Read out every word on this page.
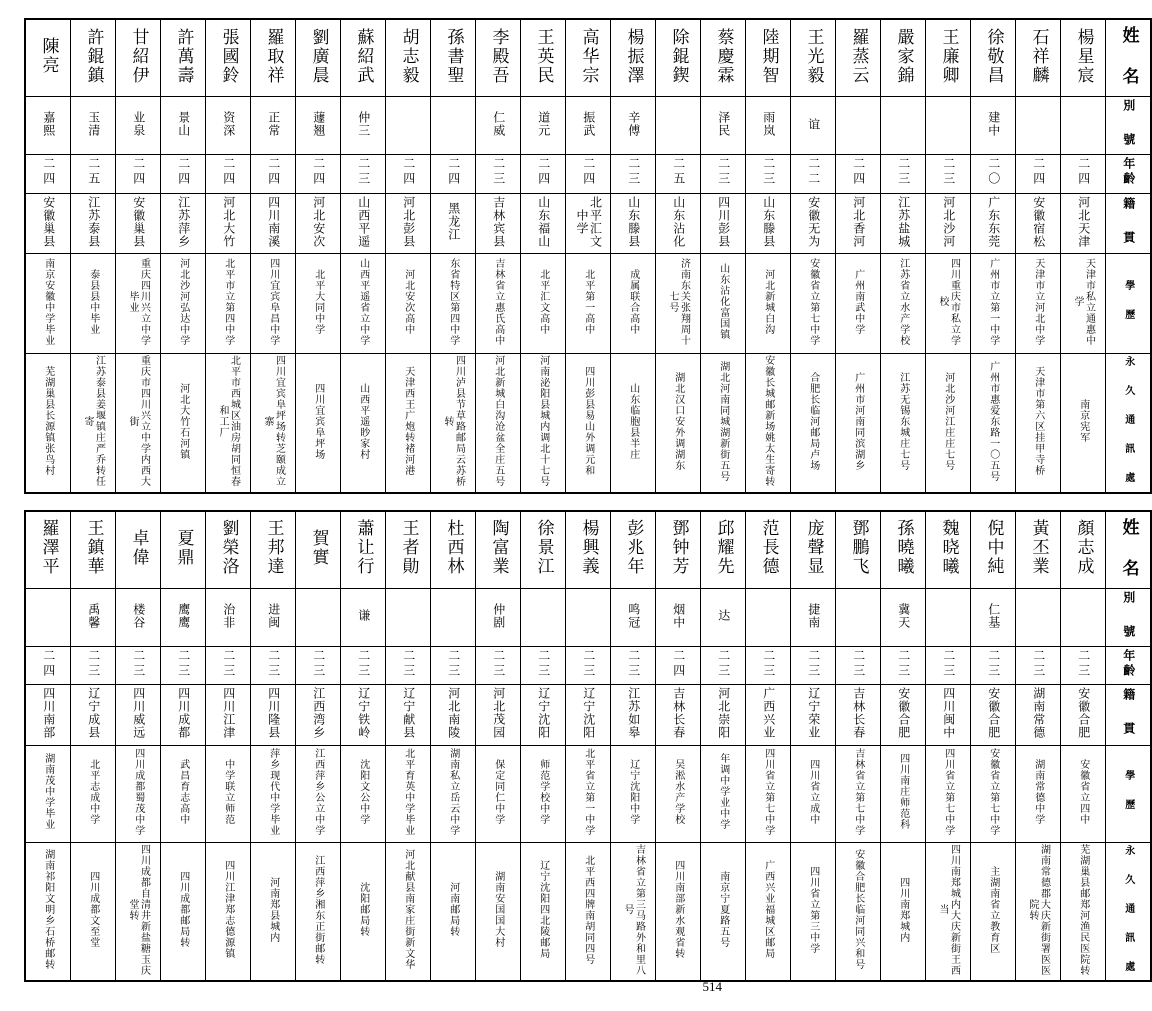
陳亮	許錕鎮	甘紹伊	許萬壽	張國鈴	羅取祥	劉廣晨	蘇紹武	胡志毅	孫書聖	李殿吾	王英民	高华宗	楊振澤	除錕鍥	蔡慶霖	陸期智	王光毅	羅蒸云	嚴家錦	王廉卿	徐敬昌	石祥麟	楊星宸	姓 名
嘉熙	玉清	业泉	景山	资深	正常	蘧翘	仲三			仁威	道元	振武	辛傅		泽民	雨岚	谊				建中			別 號
二四	二五	二四	二四	二四	二四	二四	二三	二四	二四	二三	二四	二四	二三	二五	二三	二三	二二	二四	二三	二三	二〇	二四	二四	年齡
安徽巢县	江苏泰县	安徽巢县	江苏萍乡	河北大竹	四川南溪	河北安次	山西平遥	河北彭县	黑龙江	吉林宾县	山东福山	北平汇文中学	山东滕县	山东沾化	四川彭县	山东滕县	安徽无为	河北香河	江苏盐城	河北沙河	广东东莞	安徽宿松	河北天津	籍 貫
南京安徽中学毕业	泰县县中毕业	重庆四川兴立中学毕业	河北沙河弘达中学	北平市立第四中学	四川宜宾阜昌中学	北平大同中学	山西平遥省立中学	河北安次高中	东省特区第四中学	吉林省立惠氏高中	北平汇文高中	北平第一高中	成属联合高中	济南东关张翔周十七号	山东沾化富国镇	河北新城白沟	安徽省立第七中学	广州南武中学	江苏省立水产学校	四川重庆市私立学校	广州市立第一中学	天津市立河北中学	天津市私立通惠中学	學 歷
芜湖巢县长源镇张鸟村	江苏泰县姜堰镇庄严乔转任寄	重庆市四川兴立中学内西大街	河北大竹石河镇	北平市西城区油房胡同恒春和工厂	四川宜宾阜坪场转芝颐成立寨	四川宜宾阜坪场	山西平遥眇家村	天津西王广炮转褚河港	四川泸县节草路邮局云苏桥转	河北新城白沟沧盆全庄五号	河南泌阳县城内调北十七号	四川彭县易山外调元和	山东临胞县半庄	湖北汉口安外调湖东	湖北河南同城湖新街五号	安徽长城邮新场姚太生寄转	合肥长临河邮局卢场	广州市河南同滨湖乡	江苏无锡东城庄七号	河北沙河江庄庄七号	广州市惠爱东路一〇五号	天津市第六区挂甲寺桥	南京宪军	永 久 通 訊 處
羅澤平	王鎮華	卓偉	夏鼎	劉榮洛	王邦達	賀實	蕭让行	王者勛	杜西林	陶富業	徐景江	楊興義	彭兆年	鄧钟芳	邱耀先	范長德	庞聲显	鄧鵬飞	孫曉曦	魏晓曦	倪中純	黃丕業	顏志成	姓 名
	禹馨	楼谷	鹰鹰	治非	进闽		谦			仲剧			鸣冠	烟中	达		捷南		冀天		仁基			別 號
二四	二三	二三	二三	二三	二三	二三	二三	二三	二三	二三	二三	二三	二三	二四	二三	二三	二三	二三	二三	二三	二三	二三	二三	年齡
四川南部	辽宁成县	四川威远	四川成都	四川江津	四川隆县	江西湾乡	辽宁铁岭	辽宁献县	河北南陵	河北茂园	辽宁沈阳	辽宁沈阳	江苏如皋	吉林长春	河北崇阳	广西兴业	辽宁荣业	吉林长春	安徽合肥	四川闽中	安徽合肥	湖南常德	安徽合肥	籍 貫
湖南茂中学毕业	北平志成中学	四川成都蜀茂中学	武昌育志高中	中学联立师范	萍乡现代中学毕业	江西萍乡公立中学	沈阳文公中学	北平育英中学毕业	湖南私立岳云中学	保定同仁中学	师范学校中学	北平省立第一中学	辽宁沈阳中学	吴淞水产学校	年调中学业中学	四川省立第七中学	四川省立成中	吉林省立第七中学	四川南庄师范科	四川省立第七中学	安徽省立第七中学	湖南常德中学	安徽省立四中	學 歷
湖南祁阳文明乡石桥邮转	四川成都文至堂	四川成都自清井新盐糖玉庆堂转	四川成都邮局转	四川江津郑志德源镇	河南郑县城内	江西萍乡湘东正街邮转	沈阳邮局转	河北献县南家庄街新文华	河南邮局转	湖南安国国大村	辽宁沈阳四北陵邮局	北平西四牌南胡同四号	吉林省立第三马路外和里八号	四川南部新水观省转	南京宁夏路五号	广西兴业福城区邮局	四川省立第三中学	安徽合肥长临河同兴和号	四川南郑城内	四川南郑城内大庆新街王西当	主湖南省立教育区	湖南常德郡大庆新街署医医院转	芜湖巢县邮郑河渔民医院转	永 久 通 訊 處
514
